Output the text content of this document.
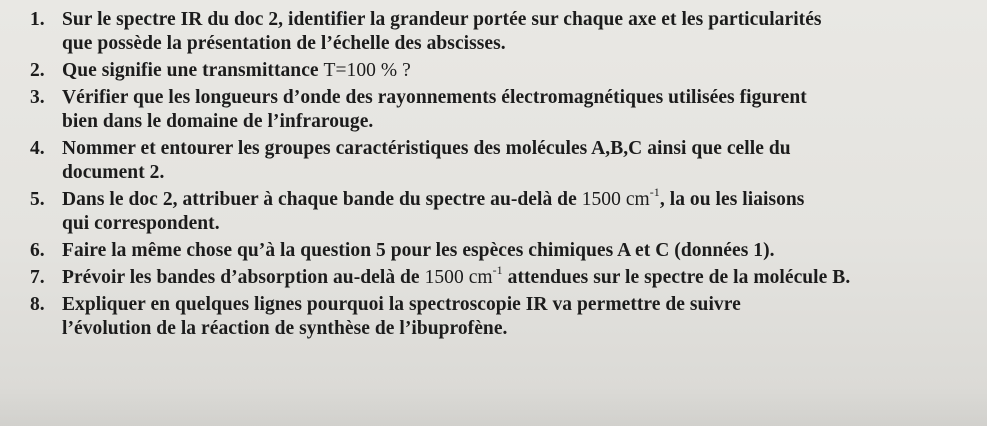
1. Sur le spectre IR du doc 2, identifier la grandeur portée sur chaque axe et les particularités
que possède la présentation de l’échelle des abscisses.
2. Que signifie une transmittance T=100 % ?
3. Vérifier que les longueurs d’onde des rayonnements électromagnétiques utilisées figurent
bien dans le domaine de l’infrarouge.
4. Nommer et entourer les groupes caractéristiques des molécules A,B,C ainsi que celle du
document 2.
5. Dans le doc 2, attribuer à chaque bande du spectre au-delà de 1500 $cm^{-1}$, la ou les liaisons
qui correspondent.
6. Faire la même chose qu’à la question 5 pour les espèces chimiques A et C (données 1).
7. Prévoir les bandes d’absorption au-delà de 1500 $cm^{-1}$ attendues sur le spectre de la molécule B.
8. Expliquer en quelques lignes pourquoi la spectroscopie IR va permettre de suivre
l’évolution de la réaction de synthèse de l’ibuprofène.
